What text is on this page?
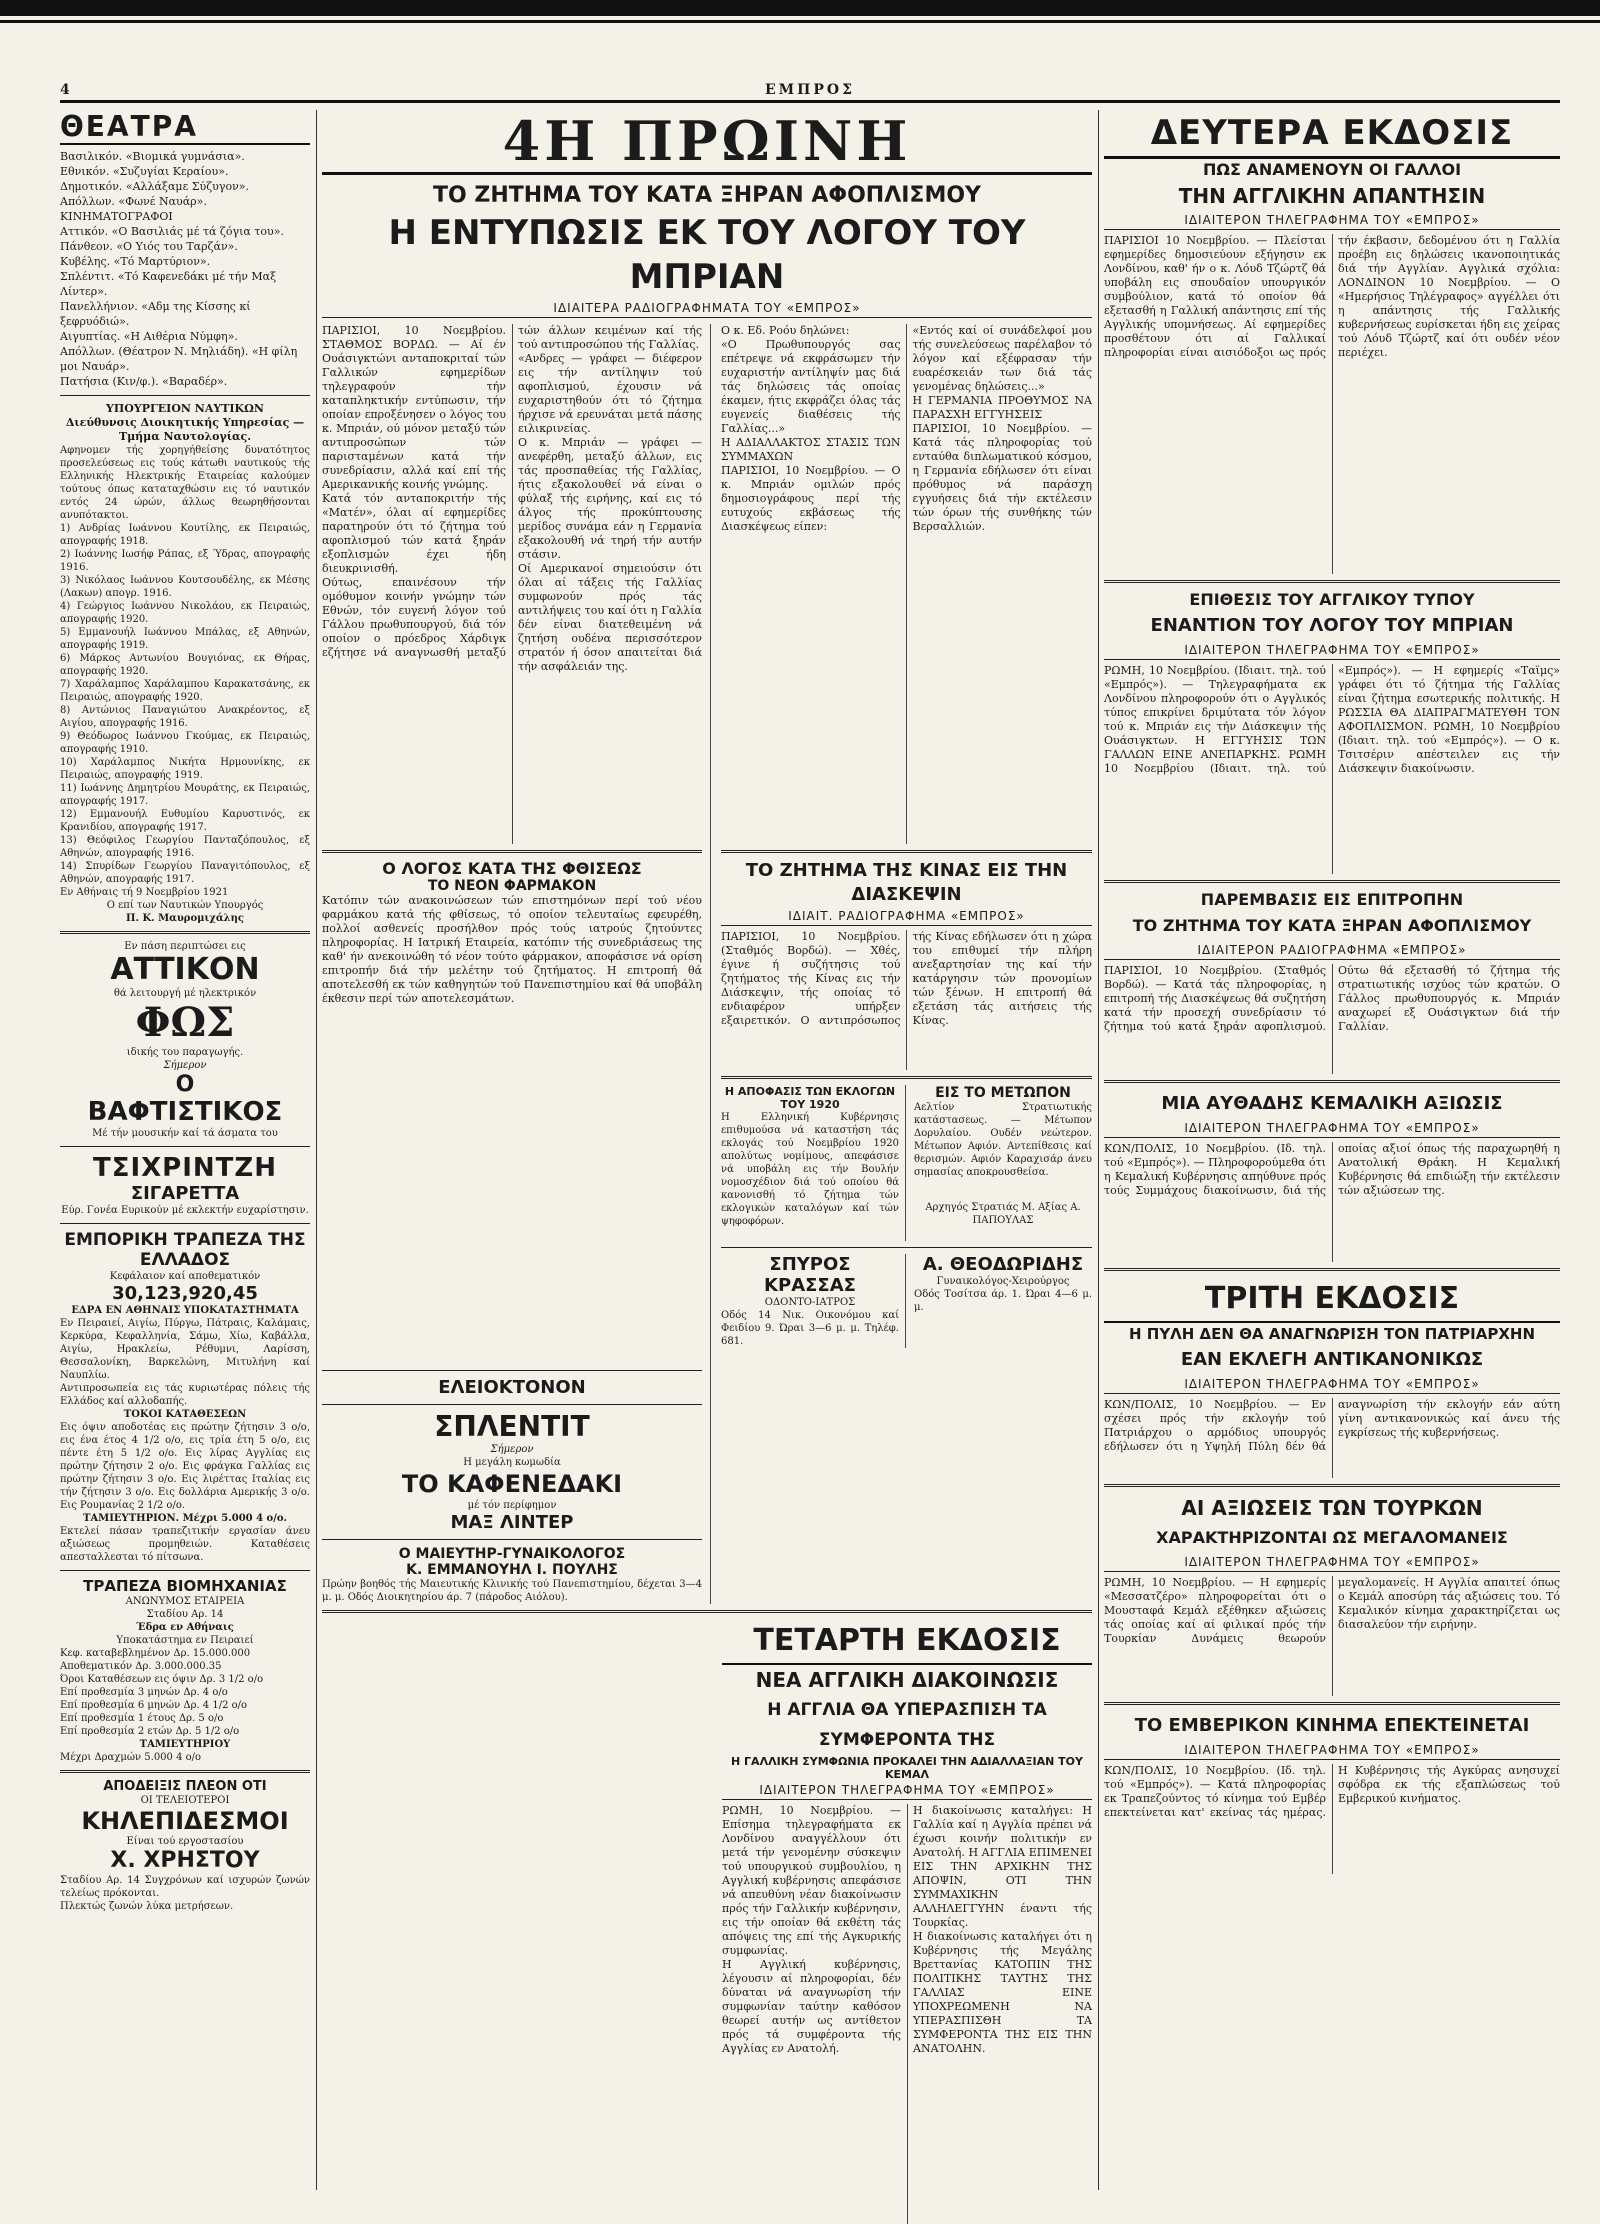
4	ΕΜΠΡΟΣ
ΘΕΑΤΡΑ
Βασιλικόν. «Βιομικά γυμνάσια».
Εθνικόν. «Συζυγίαι Κεραίου».
Δημοτικόν. «Αλλάξαμε Σύζυγον».
Απόλλων. «Φωνέ Ναυάρ».
ΚΙΝΗΜΑΤΟΓΡΑΦΟΙ
Αττικόν. «Ο Βασιλιάς μέ τά ζόγια του».
Πάνθεον. «Ο Υιός του Ταρζάν».
Κυβέλης. «Τό Μαρτύριον».
Σπλέντιτ. «Τό Καφενεδάκι μέ τήν Μαξ Λίντερ».
Πανελλήνιον. «Αδμ της Κίσσης κί ξεφρυόδιώ».
Αιγυπτίας. «Η Αιθέρια Νύμφη».
Απόλλων. (Θέατρον Ν. Μηλιάδη). «Η φίλη μοι Ναυάρ».
Πατήσια (Κιν/φ.). «Βαραδέρ».
ΥΠΟΥΡΓΕΙΟΝ ΝΑΥΤΙΚΩΝ
Διεύθυνσις Διοικητικής Υπηρεσίας — Τμήμα Ναυτολογίας.
Αφηνομεν τής χορηγήθείσης δυνατότητος προσελεύσεως εις τούς κάτωθι ναυτικούς τής Ελληνικής Ηλεκτρικής Εταιρείας καλούμεν τούτους όπως καταταχθώσιν εις τό ναυτικόν εντός 24 ώρών, άλλως θεωρηθήσονται ανυπότακτοι.
1) Ανδρίας Ιωάννου Κουτίλης, εκ Πειραιώς, απογραφής 1918.
2) Ιωάννης Ιωσήφ Ράπας, εξ Ύδρας, απογραφής 1916.
3) Νικόλαος Ιωάννου Κουτσουδέλης, εκ Μέσης (Λακων) απογρ. 1916.
4) Γεώργιος Ιωάννου Νικολάου, εκ Πειραιώς, απογραφής 1920.
5) Εμμανουήλ Ιωάννου Μπάλας, εξ Αθηνών, απογραφής 1919.
6) Μάρκος Αντωνίου Βουγιόνας, εκ Θήρας, απογραφής 1920.
7) Χαράλαμπος Χαράλαμπου Καρακατσάνης, εκ Πειραιώς, απογραφής 1920.
8) Αντώνιος Παναγιώτου Ανακρέοντος, εξ Αιγίου, απογραφής 1916.
9) Θεόδωρος Ιωάννου Γκούμας, εκ Πειραιώς, απογραφής 1910.
10) Χαράλαμπος Νικήτα Ηρμουνίκης, εκ Πειραιώς, απογραφής 1919.
11) Ιωάννης Δημητρίου Μουράτης, εκ Πειραιώς, απογραφής 1917.
12) Εμμανουήλ Ευθυμίου Καρυστινός, εκ Κρανιδίου, απογραφής 1917.
13) Θεόφιλος Γεωργίου Πανταζόπουλος, εξ Αθηνών, απογραφής 1916.
14) Σπυρίδων Γεωργίου Παναγιτόπουλος, εξ Αθηνών, απογραφής 1917.
Εν Αθήναις τή 9 Νοεμβρίου 1921
Ο επί των Ναυτικών Υπουργός
Π. Κ. Μαυρομιχάλης
Εν πάση περιπτώσει εις
ΑΤΤΙΚΟΝ
θά λειτουργή μέ ηλεκτρικόν
ΦΩΣ
ιδικής του παραγωγής.
Σήμερον
Ο
ΒΑΦΤΙΣΤΙΚΟΣ
Μέ τήν μουσικήν καί τά άσματα του
ΤΣΙΧΡΙΝΤΖΗ
ΣΙΓΑΡΕΤΤΑ
Εύρ. Γονέα Ευρικούν μέ εκλεκτήν ευχαρίστησιν.
ΕΜΠΟΡΙΚΗ ΤΡΑΠΕΖΑ ΤΗΣ ΕΛΛΑΔΟΣ
Κεφάλαιον καί αποθεματικόν
30,123,920,45
ΕΔΡΑ ΕΝ ΑΘΗΝΑΙΣ ΥΠΟΚΑΤΑΣΤΗΜΑΤΑ
Εν Πειραιεί, Αιγίω, Πύργω, Πάτραις, Καλάμαις, Κερκύρα, Κεφαλληνία, Σάμω, Χίω, Καβάλλα, Αιγίω, Ηρακλείω, Ρέθυμνι, Λαρίσση, Θεσσαλονίκη, Βαρκελώνη, Μιτυλήνη καί Ναυπλίω.
Αντιπροσωπεία εις τάς κυριωτέρας πόλεις τής Ελλάδος καί αλλοδαπής.
ΤΟΚΟΙ ΚΑΤΑΘΕΣΕΩΝ
Εις όψιν αποδοτέας εις πρώτην ζήτησιν 3 ο/ο, εις ένα έτος 4 1/2 ο/ο, εις τρία έτη 5 ο/ο, εις πέντε έτη 5 1/2 ο/ο. Εις λίρας Αγγλίας εις πρώτην ζήτησιν 2 ο/ο. Εις φράγκα Γαλλίας εις πρώτην ζήτησιν 3 ο/ο. Εις λιρέττας Ιταλίας εις τήν ζήτησιν 3 ο/ο. Εις δολλάρια Αμερικής 3 ο/ο. Εις Ρουμανίας 2 1/2 ο/ο.
ΤΑΜΙΕΥΤΗΡΙΟΝ. Μέχρι 5.000 4 ο/ο.
Εκτελεί πάσαν τραπεζιτικήν εργασίαν άνευ αξιώσεως προμηθειών. Καταθέσεις απεσταλλεσται τό πίτσωνα.
ΤΡΑΠΕΖΑ ΒΙΟΜΗΧΑΝΙΑΣ
ΑΝΩΝΥΜΟΣ ΕΤΑΙΡΕΙΑ
Σταδίου Αρ. 14
Έδρα εν Αθήναις
Υποκατάστημα εν Πειραιεί
Κεφ. καταβεβλημένον Δρ. 15.000.000
Αποθεματικόν Δρ. 3.000.000.35
Όροι Καταθέσεων εις όψιν Δρ. 3 1/2 ο/ο
Επί προθεσμία 3 μηνών Δρ. 4 ο/ο
Επί προθεσμία 6 μηνών Δρ. 4 1/2 ο/ο
Επί προθεσμία 1 έτους Δρ. 5 ο/ο
Επί προθεσμία 2 ετών Δρ. 5 1/2 ο/ο
ΤΑΜΙΕΥΤΗΡΙΟΥ
Μέχρι Δραχμών 5.000 4 ο/ο
ΑΠΟΔΕΙΞΙΣ ΠΛΕΟΝ ΟΤΙ
ΟΙ ΤΕΛΕΙΟΤΕΡΟΙ
ΚΗΛΕΠΙΔΕΣΜΟΙ
Είναι τού εργοστασίου
Χ. ΧΡΗΣΤΟΥ
Σταδίου Αρ. 14 Συγχρόνων καί ισχυρών ζωνών τελείως πρόκονται.
Πλεκτώς ζωνών λύκα μετρήσεων.
4Η ΠΡΩΙΝΗ
ΤΟ ΖΗΤΗΜΑ ΤΟΥ ΚΑΤΑ ΞΗΡΑΝ ΑΦΟΠΛΙΣΜΟΥ
Η ΕΝΤΥΠΩΣΙΣ ΕΚ ΤΟΥ ΛΟΓΟΥ ΤΟΥ ΜΠΡΙΑΝ
ΙΔΙΑΙΤΕΡΑ ΡΑΔΙΟΓΡΑΦΗΜΑΤΑ ΤΟΥ «ΕΜΠΡΟΣ»
ΠΑΡΙΣΙΟΙ, 10 Νοεμβρίου. ΣΤΑΘΜΟΣ ΒΟΡΔΩ. — Αί έν Ουάσιγκτώνι ανταποκριταί τών Γαλλικών εφημερίδων τηλεγραφούν τήν καταπληκτικήν εντύπωσιν, τήν οποίαν επροξένησεν ο λόγος του κ. Μπριάν, ού μόνον μεταξύ τών αντιπροσώπων τών παρισταμένων κατά τήν συνεδρίασιν, αλλά καί επί τής Αμερικανικής κοινής γνώμης.
Κατά τόν ανταποκριτήν τής «Ματέν», όλαι αί εφημερίδες παρατηρούν ότι τό ζήτημα τού αφοπλισμού τών κατά ξηράν εξοπλισμών έχει ήδη διευκρινισθή.
Ούτως, επαινέσουν τήν ομόθυμον κοινήν γνώμην τών Εθνών, τόν ευγενή λόγον τού Γάλλου πρωθυπουργού, διά τόν οποίον ο πρόεδρος Χάρδιγκ εζήτησε νά αναγνωσθή μεταξύ τών άλλων κειμένων καί τής τού αντιπροσώπου τής Γαλλίας.
«Ανδρες — γράφει — διέφερον εις τήν αντίληψιν τού αφοπλισμού, έχουσιν νά ευχαριστηθούν ότι τό ζήτημα ήρχισε νά ερευνάται μετά πάσης ειλικρινείας.
Ο κ. Μπριάν — γράφει — ανεφέρθη, μεταξύ άλλων, εις τάς προσπαθείας τής Γαλλίας, ήτις εξακολουθεί νά είναι ο φύλαξ τής ειρήνης, καί εις τό άλγος τής προκύπτουσης μερίδος συνάμα εάν η Γερμανία εξακολουθή νά τηρή τήν αυτήν στάσιν.
Οί Αμερικανοί σημειούσιν ότι όλαι αί τάξεις τής Γαλλίας συμφωνούν πρός τάς αντιλήψεις του καί ότι η Γαλλία δέν είναι διατεθειμένη νά ζητήση ουδένα περισσότερον στρατόν ή όσον απαιτείται διά τήν ασφάλειάν της.
Ο ΛΟΓΟΣ ΚΑΤΑ ΤΗΣ ΦΘΙΣΕΩΣ
ΤΟ ΝΕΟΝ ΦΑΡΜΑΚΟΝ
Κατόπιν τών ανακοινώσεων τών επιστημόνων περί τού νέου φαρμάκου κατά τής φθίσεως, τό οποίον τελευταίως εφευρέθη, πολλοί ασθενείς προσήλθον πρός τούς ιατρούς ζητούντες πληροφορίας. Η Ιατρική Εταιρεία, κατόπιν τής συνεδριάσεως της καθ' ήν ανεκοινώθη τό νέον τούτο φάρμακον, αποφάσισε νά ορίση επιτροπήν διά τήν μελέτην τού ζητήματος. Η επιτροπή θά αποτελεσθή εκ τών καθηγητών τού Πανεπιστημίου καί θά υποβάλη έκθεσιν περί τών αποτελεσμάτων.
ΕΛΕΙΟΚΤΟΝΟΝ
ΣΠΛΕΝΤΙΤ
Σήμερον
Η μεγάλη κωμωδία
ΤΟ ΚΑΦΕΝΕΔΑΚΙ
μέ τόν περίφημον
ΜΑΞ ΛΙΝΤΕΡ
Ο ΜΑΙΕΥΤΗΡ-ΓΥΝΑΙΚΟΛΟΓΟΣ
Κ. ΕΜΜΑΝΟΥΗΛ Ι. ΠΟΥΛΗΣ
Πρώην βοηθός τής Μαιευτικής Κλινικής τού Πανεπιστημίου, δέχεται 3—4 μ. μ. Οδός Διοικητηρίου άρ. 7 (πάροδος Αιόλου).
Ο κ. Εδ. Ροόυ δηλώνει:
«Ο Πρωθυπουργός σας επέτρεψε νά εκφράσωμεν τήν ευχαριστήν αντίληψίν μας διά τάς δηλώσεις τάς οποίας έκαμεν, ήτις εκφράζει όλας τάς ευγενείς διαθέσεις τής Γαλλίας...»
Η ΑΔΙΑΛΛΑΚΤΟΣ ΣΤΑΣΙΣ ΤΩΝ ΣΥΜΜΑΧΩΝ
ΠΑΡΙΣΙΟΙ, 10 Νοεμβρίου. — Ο κ. Μπριάν ομιλών πρός δημοσιογράφους περί τής ευτυχούς εκβάσεως τής Διασκέψεως είπεν:
«Εντός καί οί συνάδελφοί μου τής συνελεύσεως παρέλαβον τό λόγον καί εξέφρασαν τήν ευαρέσκειάν των διά τάς γενομένας δηλώσεις...»
Η ΓΕΡΜΑΝΙΑ ΠΡΟΘΥΜΟΣ ΝΑ ΠΑΡΑΣΧΗ ΕΓΓΥΗΣΕΙΣ
ΠΑΡΙΣΙΟΙ, 10 Νοεμβρίου. — Κατά τάς πληροφορίας τού ενταύθα διπλωματικού κόσμου, η Γερμανία εδήλωσεν ότι είναι πρόθυμος νά παράσχη εγγυήσεις διά τήν εκτέλεσιν τών όρων τής συνθήκης τών Βερσαλλιών.
ΤΟ ΖΗΤΗΜΑ ΤΗΣ ΚΙΝΑΣ ΕΙΣ ΤΗΝ ΔΙΑΣΚΕΨΙΝ
ΙΔΙΑΙΤ. ΡΑΔΙΟΓΡΑΦΗΜΑ «ΕΜΠΡΟΣ»
ΠΑΡΙΣΙΟΙ, 10 Νοεμβρίου. (Σταθμός Βορδώ). — Χθές, έγινε ή συζήτησις τού ζητήματος τής Κίνας εις τήν Διάσκεψιν, τής οποίας τό ενδιαφέρον υπήρξεν εξαιρετικόν. Ο αντιπρόσωπος τής Κίνας εδήλωσεν ότι η χώρα του επιθυμεί τήν πλήρη ανεξαρτησίαν της καί τήν κατάργησιν τών προνομίων τών ξένων. Η επιτροπή θά εξετάση τάς αιτήσεις τής Κίνας.
Η ΑΠΟΦΑΣΙΣ ΤΩΝ ΕΚΛΟΓΩΝ ΤΟΥ 1920
Η Ελληνική Κυβέρνησις επιθυμούσα νά καταστήση τάς εκλογάς τού Νοεμβρίου 1920 απολύτως νομίμους, απεφάσισε νά υποβάλη εις τήν Βουλήν νομοσχέδιον διά τού οποίου θά κανονισθή τό ζήτημα τών εκλογικών καταλόγων καί τών ψηφοφόρων.
ΕΙΣ ΤΟ ΜΕΤΩΠΟΝ
Αελτίον Στρατιωτικής κατάστασεως. — Μέτωπον Δορυλαίου. Ουδέν νεώτερον. Μέτωπον Αφιόν. Αντεπίθεσις καί θερισμών. Αφιόν Καραχισάρ άνευ σημασίας αποκρουσθείσα.
Αρχηγός Στρατιάς Μ. Αξίας Α. ΠΑΠΟΥΛΑΣ
ΣΠΥΡΟΣ ΚΡΑΣΣΑΣ
ΟΔΟΝΤΟ-ΙΑΤΡΟΣ
Οδός 14 Νικ. Οικονόμου καί Φειδίου 9. Ώραι 3—6 μ. μ. Τηλέφ. 681.
Α. ΘΕΟΔΩΡΙΔΗΣ
Γυναικολόγος-Χειρούργος
Οδός Τοσίτσα άρ. 1. Ώραι 4—6 μ. μ.
ΤΕΤΑΡΤΗ ΕΚΔΟΣΙΣ
ΝΕΑ ΑΓΓΛΙΚΗ ΔΙΑΚΟΙΝΩΣΙΣ
Η ΑΓΓΛΙΑ ΘΑ ΥΠΕΡΑΣΠΙΣΗ ΤΑ ΣΥΜΦΕΡΟΝΤΑ ΤΗΣ
Η ΓΑΛΛΙΚΗ ΣΥΜΦΩΝΙΑ ΠΡΟΚΑΛΕΙ ΤΗΝ ΑΔΙΑΛΛΑΞΙΑΝ ΤΟΥ ΚΕΜΑΛ
ΙΔΙΑΙΤΕΡΟΝ ΤΗΛΕΓΡΑΦΗΜΑ ΤΟΥ «ΕΜΠΡΟΣ»
ΡΩΜΗ, 10 Νοεμβρίου. — Επίσημα τηλεγραφήματα εκ Λονδίνου αναγγέλλουν ότι μετά τήν γενομένην σύσκεψιν τού υπουργικού συμβουλίου, η Αγγλική κυβέρνησις απεφάσισε νά απευθύνη νέαν διακοίνωσιν πρός τήν Γαλλικήν κυβέρνησιν, εις τήν οποίαν θά εκθέτη τάς απόψεις της επί τής Αγκυρικής συμφωνίας.
Η Αγγλική κυβέρνησις, λέγουσιν αί πληροφορίαι, δέν δύναται νά αναγνωρίση τήν συμφωνίαν ταύτην καθόσον θεωρεί αυτήν ως αντίθετον πρός τά συμφέροντα τής Αγγλίας εν Ανατολή.
Η διακοίνωσις καταλήγει: Η Γαλλία καί η Αγγλία πρέπει νά έχωσι κοινήν πολιτικήν εν Ανατολή. Η ΑΓΓΛΙΑ ΕΠΙΜΕΝΕΙ ΕΙΣ ΤΗΝ ΑΡΧΙΚΗΝ ΤΗΣ ΑΠΟΨΙΝ, ΟΤΙ ΤΗΝ ΣΥΜΜΑΧΙΚΗΝ ΑΛΛΗΛΕΓΓΥΗΝ έναντι τής Τουρκίας.
Η διακοίνωσις καταλήγει ότι η Κυβέρνησις τής Μεγάλης Βρεττανίας ΚΑΤΟΠΙΝ ΤΗΣ ΠΟΛΙΤΙΚΗΣ ΤΑΥΤΗΣ ΤΗΣ ΓΑΛΛΙΑΣ ΕΙΝΕ ΥΠΟΧΡΕΩΜΕΝΗ ΝΑ ΥΠΕΡΑΣΠΙΣΘΗ ΤΑ ΣΥΜΦΕΡΟΝΤΑ ΤΗΣ ΕΙΣ ΤΗΝ ΑΝΑΤΟΛΗΝ.
ΔΕΥΤΕΡΑ ΕΚΔΟΣΙΣ
ΠΩΣ ΑΝΑΜΕΝΟΥΝ ΟΙ ΓΑΛΛΟΙ
ΤΗΝ ΑΓΓΛΙΚΗΝ ΑΠΑΝΤΗΣΙΝ
ΙΔΙΑΙΤΕΡΟΝ ΤΗΛΕΓΡΑΦΗΜΑ ΤΟΥ «ΕΜΠΡΟΣ»
ΠΑΡΙΣΙΟΙ 10 Νοεμβρίου. — Πλείσται εφημερίδες δημοσιεύουν εξήγησιν εκ Λονδίνου, καθ' ήν ο κ. Λόυδ Τζώρτζ θά υποβάλη εις σπουδαίον υπουργικόν συμβούλιον, κατά τό οποίον θά εξετασθή η Γαλλική απάντησις επί τής Αγγλικής υπομνήσεως. Αί εφημερίδες προσθέτουν ότι αί Γαλλικαί πληροφορίαι είναι αισιόδοξοι ως πρός τήν έκβασιν, δεδομένου ότι η Γαλλία προέβη εις δηλώσεις ικανοποιητικάς διά τήν Αγγλίαν. Αγγλικά σχόλια: ΛΟΝΔΙΝΟΝ 10 Νοεμβρίου. — Ο «Ημερήσιος Τηλέγραφος» αγγέλλει ότι η απάντησις τής Γαλλικής κυβερνήσεως ευρίσκεται ήδη εις χείρας τού Λόυδ Τζώρτζ καί ότι ουδέν νέον περιέχει.
ΕΠΙΘΕΣΙΣ ΤΟΥ ΑΓΓΛΙΚΟΥ ΤΥΠΟΥ
ΕΝΑΝΤΙΟΝ ΤΟΥ ΛΟΓΟΥ ΤΟΥ ΜΠΡΙΑΝ
ΙΔΙΑΙΤΕΡΟΝ ΤΗΛΕΓΡΑΦΗΜΑ ΤΟΥ «ΕΜΠΡΟΣ»
ΡΩΜΗ, 10 Νοεμβρίου. (Ιδιαιτ. τηλ. τού «Εμπρός»). — Τηλεγραφήματα εκ Λονδίνου πληροφορούν ότι ο Αγγλικός τύπος επικρίνει δριμύτατα τόν λόγον τού κ. Μπριάν εις τήν Διάσκεψιν τής Ουάσιγκτων. Η ΕΓΓΥΗΣΙΣ ΤΩΝ ΓΑΛΛΩΝ ΕΙΝΕ ΑΝΕΠΑΡΚΗΣ. ΡΩΜΗ 10 Νοεμβρίου (Ιδιαιτ. τηλ. τού «Εμπρός»). — Η εφημερίς «Ταϊμς» γράφει ότι τό ζήτημα τής Γαλλίας είναι ζήτημα εσωτερικής πολιτικής. Η ΡΩΣΣΙΑ ΘΑ ΔΙΑΠΡΑΓΜΑΤΕΥΘΗ ΤΟΝ ΑΦΟΠΛΙΣΜΟΝ. ΡΩΜΗ, 10 Νοεμβρίου (Ιδιαιτ. τηλ. τού «Εμπρός»). — Ο κ. Τσιτσέριν απέστειλεν εις τήν Διάσκεψιν διακοίνωσιν.
ΠΑΡΕΜΒΑΣΙΣ ΕΙΣ ΕΠΙΤΡΟΠΗΝ
ΤΟ ΖΗΤΗΜΑ ΤΟΥ ΚΑΤΑ ΞΗΡΑΝ ΑΦΟΠΛΙΣΜΟΥ
ΙΔΙΑΙΤΕΡΟΝ ΡΑΔΙΟΓΡΑΦΗΜΑ «ΕΜΠΡΟΣ»
ΠΑΡΙΣΙΟΙ, 10 Νοεμβρίου. (Σταθμός Βορδώ). — Κατά τάς πληροφορίας, η επιτροπή τής Διασκέψεως θά συζητήση κατά τήν προσεχή συνεδρίασιν τό ζήτημα τού κατά ξηράν αφοπλισμού. Ούτω θά εξετασθή τό ζήτημα τής στρατιωτικής ισχύος τών κρατών. Ο Γάλλος πρωθυπουργός κ. Μπριάν αναχωρεί εξ Ουάσιγκτων διά τήν Γαλλίαν.
ΜΙΑ ΑΥΘΑΔΗΣ ΚΕΜΑΛΙΚΗ ΑΞΙΩΣΙΣ
ΙΔΙΑΙΤΕΡΟΝ ΤΗΛΕΓΡΑΦΗΜΑ ΤΟΥ «ΕΜΠΡΟΣ»
ΚΩΝ/ΠΟΛΙΣ, 10 Νοεμβρίου. (Ιδ. τηλ. τού «Εμπρός»). — Πληροφορούμεθα ότι η Κεμαλική Κυβέρνησις απηύθυνε πρός τούς Συμμάχους διακοίνωσιν, διά τής οποίας αξιοί όπως τής παραχωρηθή η Ανατολική Θράκη. Η Κεμαλική Κυβέρνησις θά επιδιώξη τήν εκτέλεσιν τών αξιώσεων της.
ΤΡΙΤΗ ΕΚΔΟΣΙΣ
Η ΠΥΛΗ ΔΕΝ ΘΑ ΑΝΑΓΝΩΡΙΣΗ ΤΟΝ ΠΑΤΡΙΑΡΧΗΝ
ΕΑΝ ΕΚΛΕΓΗ ΑΝΤΙΚΑΝΟΝΙΚΩΣ
ΙΔΙΑΙΤΕΡΟΝ ΤΗΛΕΓΡΑΦΗΜΑ ΤΟΥ «ΕΜΠΡΟΣ»
ΚΩΝ/ΠΟΛΙΣ, 10 Νοεμβρίου. — Εν σχέσει πρός τήν εκλογήν τού Πατριάρχου ο αρμόδιος υπουργός εδήλωσεν ότι η Υψηλή Πύλη δέν θά αναγνωρίση τήν εκλογήν εάν αύτη γίνη αντικανονικώς καί άνευ τής εγκρίσεως τής κυβερνήσεως.
ΑΙ ΑΞΙΩΣΕΙΣ ΤΩΝ ΤΟΥΡΚΩΝ
ΧΑΡΑΚΤΗΡΙΖΟΝΤΑΙ ΩΣ ΜΕΓΑΛΟΜΑΝΕΙΣ
ΙΔΙΑΙΤΕΡΟΝ ΤΗΛΕΓΡΑΦΗΜΑ ΤΟΥ «ΕΜΠΡΟΣ»
ΡΩΜΗ, 10 Νοεμβρίου. — Η εφημερίς «Μεσσατζέρο» πληροφορείται ότι ο Μουσταφά Κεμάλ εξέθηκεν αξιώσεις τάς οποίας καί αί φιλικαί πρός τήν Τουρκίαν Δυνάμεις θεωρούν μεγαλομανείς. Η Αγγλία απαιτεί όπως ο Κεμάλ αποσύρη τάς αξιώσεις του. Τό Κεμαλικόν κίνημα χαρακτηρίζεται ως διασαλεύον τήν ειρήνην.
ΤΟ ΕΜΒΕΡΙΚΟΝ ΚΙΝΗΜΑ ΕΠΕΚΤΕΙΝΕΤΑΙ
ΙΔΙΑΙΤΕΡΟΝ ΤΗΛΕΓΡΑΦΗΜΑ ΤΟΥ «ΕΜΠΡΟΣ»
ΚΩΝ/ΠΟΛΙΣ, 10 Νοεμβρίου. (Ιδ. τηλ. τού «Εμπρός»). — Κατά πληροφορίας εκ Τραπεζούντος τό κίνημα τού Εμβέρ επεκτείνεται κατ' εκείνας τάς ημέρας. Η Κυβέρνησις τής Αγκύρας ανησυχεί σφόδρα εκ τής εξαπλώσεως τού Εμβερικού κινήματος.
